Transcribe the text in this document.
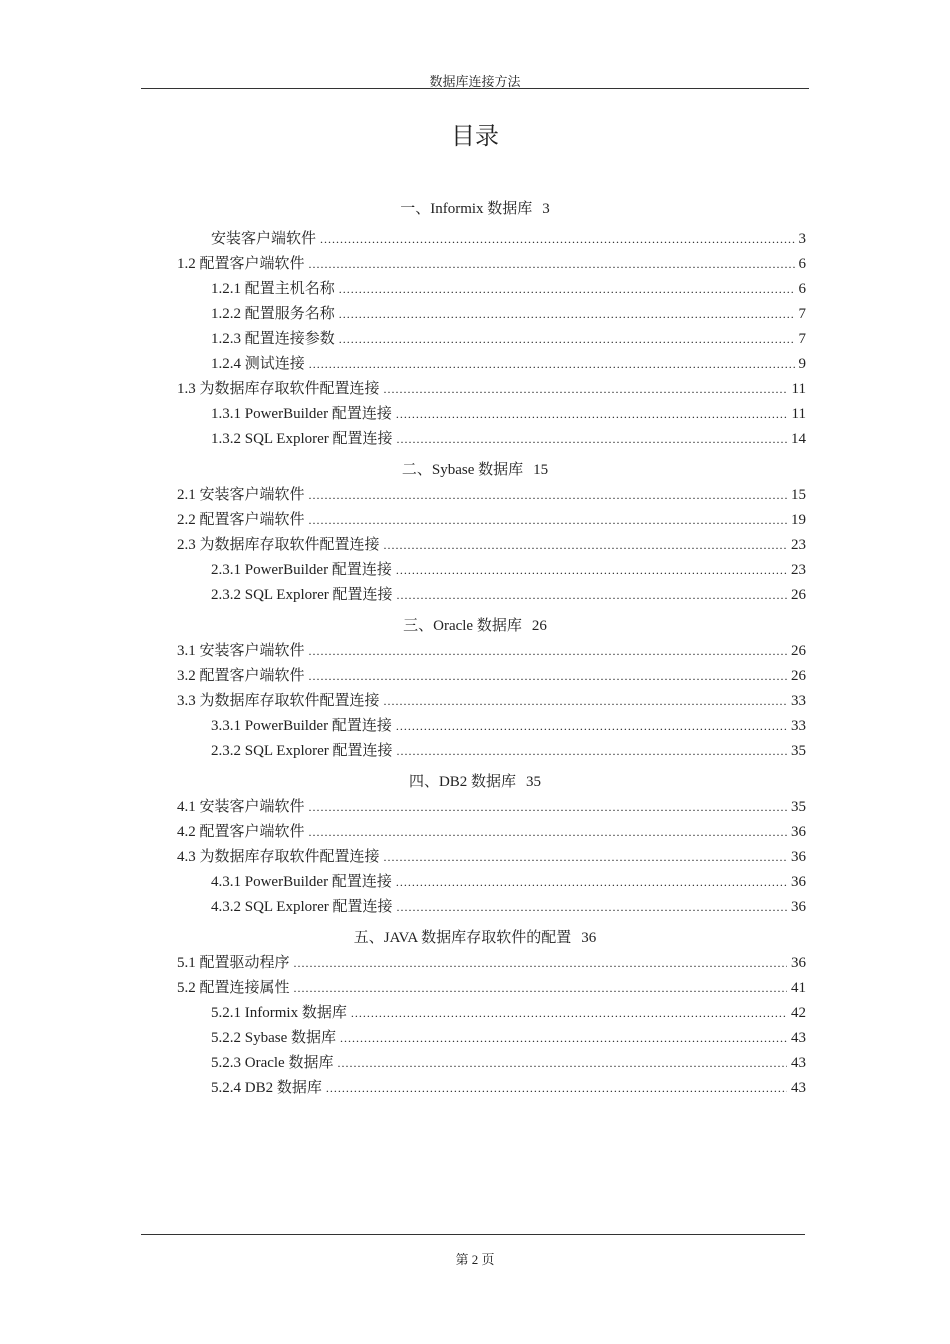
数据库连接方法
目录
一、Informix 数据库 3
安装客户端软件 .....	3
1.2 配置客户端软件 .....	6
1.2.1 配置主机名称 .....	6
1.2.2 配置服务名称 .....	7
1.2.3 配置连接参数 .....	7
1.2.4 测试连接 .....	9
1.3 为数据库存取软件配置连接 .....	11
1.3.1 PowerBuilder 配置连接 .....	11
1.3.2 SQL Explorer 配置连接 .....	14
二、Sybase 数据库 15
2.1 安装客户端软件 .....	15
2.2 配置客户端软件 .....	19
2.3 为数据库存取软件配置连接 .....	23
2.3.1 PowerBuilder 配置连接 .....	23
2.3.2 SQL Explorer 配置连接 .....	26
三、Oracle 数据库 26
3.1 安装客户端软件 .....	26
3.2 配置客户端软件 .....	26
3.3 为数据库存取软件配置连接 .....	33
3.3.1 PowerBuilder 配置连接 .....	33
2.3.2 SQL Explorer 配置连接 .....	35
四、DB2 数据库 35
4.1 安装客户端软件 .....	35
4.2 配置客户端软件 .....	36
4.3 为数据库存取软件配置连接 .....	36
4.3.1 PowerBuilder 配置连接 .....	36
4.3.2 SQL Explorer 配置连接 .....	36
五、JAVA 数据库存取软件的配置 36
5.1 配置驱动程序 .....	36
5.2 配置连接属性 .....	41
5.2.1 Informix 数据库 .....	42
5.2.2 Sybase 数据库 .....	43
5.2.3 Oracle 数据库 .....	43
5.2.4 DB2 数据库 .....	43
第 2 页
